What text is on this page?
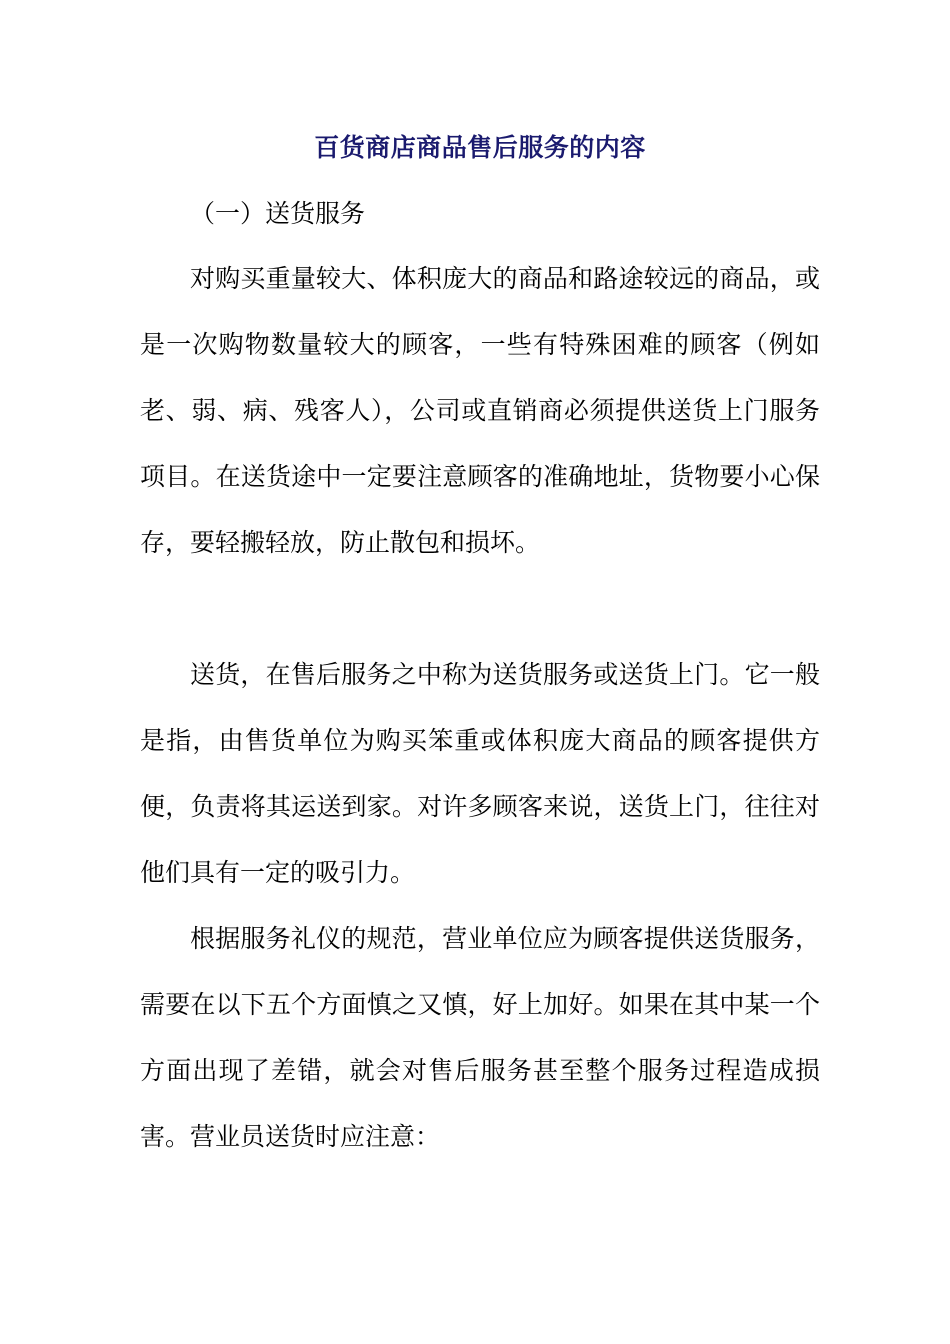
百货商店商品售后服务的内容
（一）送货服务

对购买重量较大、体积庞大的商品和路途较远的商品，或是一次购物数量较大的顾客，一些有特殊困难的顾客（例如老、弱、病、残客人），公司或直销商必须提供送货上门服务项目。在送货途中一定要注意顾客的准确地址，货物要小心保存，要轻搬轻放，防止散包和损坏。

送货，在售后服务之中称为送货服务或送货上门。它一般是指，由售货单位为购买笨重或体积庞大商品的顾客提供方便，负责将其运送到家。对许多顾客来说，送货上门，往往对他们具有一定的吸引力。

根据服务礼仪的规范，营业单位应为顾客提供送货服务，需要在以下五个方面慎之又慎，好上加好。如果在其中某一个方面出现了差错，就会对售后服务甚至整个服务过程造成损害。营业员送货时应注意：
